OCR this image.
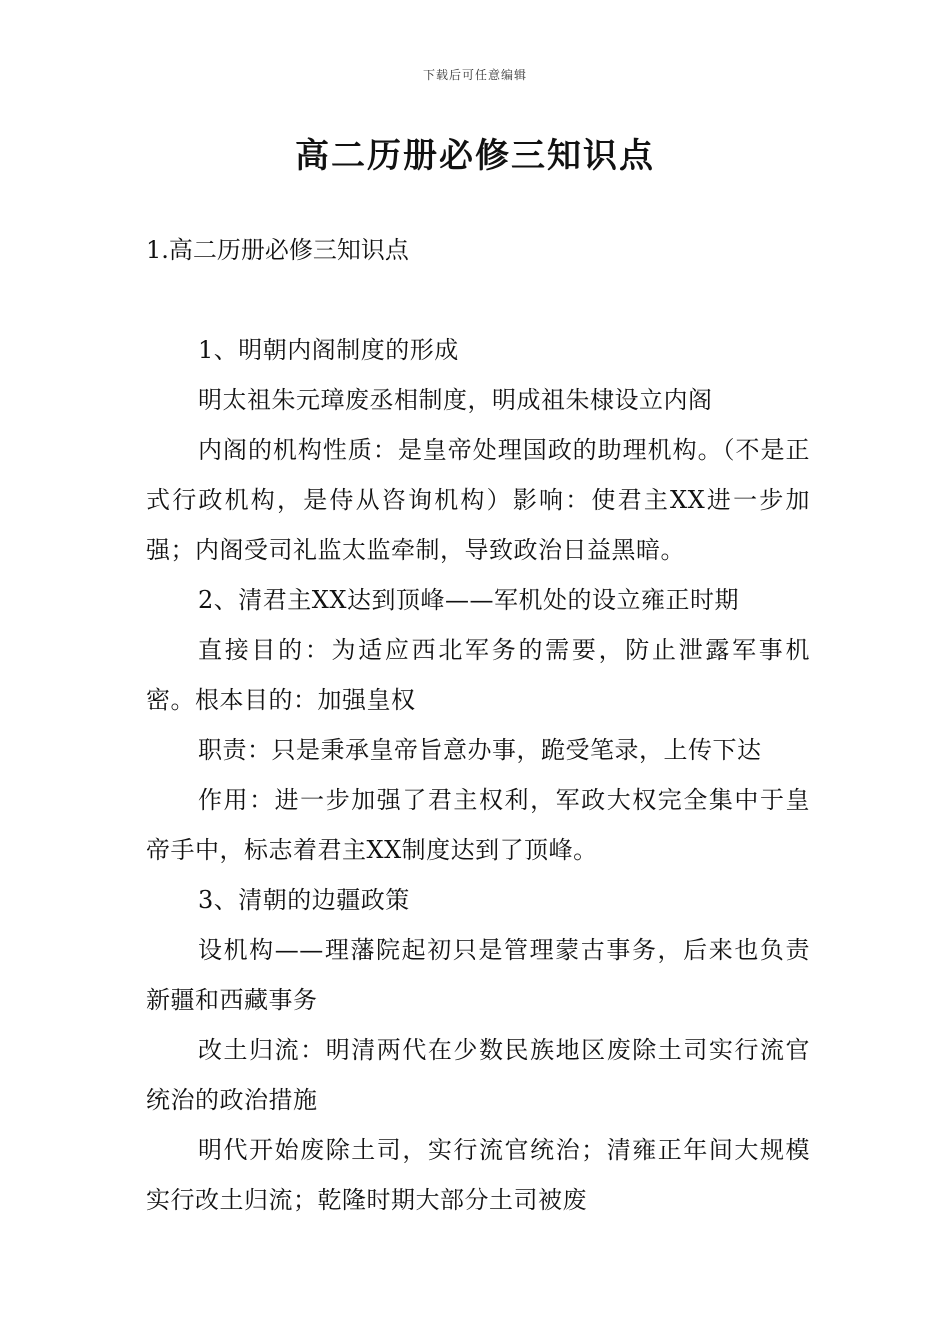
下载后可任意编辑
高二历册必修三知识点
1.高二历册必修三知识点

1、明朝内阁制度的形成

明太祖朱元璋废丞相制度，明成祖朱棣设立内阁

内阁的机构性质：是皇帝处理国政的助理机构。（不是正式行政机构，是侍从咨询机构）影响：使君主XX进一步加强；内阁受司礼监太监牵制，导致政治日益黑暗。

2、清君主XX达到顶峰——军机处的设立雍正时期

直接目的：为适应西北军务的需要，防止泄露军事机密。根本目的：加强皇权

职责：只是秉承皇帝旨意办事，跪受笔录，上传下达

作用：进一步加强了君主权利，军政大权完全集中于皇帝手中，标志着君主XX制度达到了顶峰。

3、清朝的边疆政策

设机构——理藩院起初只是管理蒙古事务，后来也负责新疆和西藏事务

改土归流：明清两代在少数民族地区废除土司实行流官统治的政治措施

明代开始废除土司，实行流官统治；清雍正年间大规模实行改土归流；乾隆时期大部分土司被废
